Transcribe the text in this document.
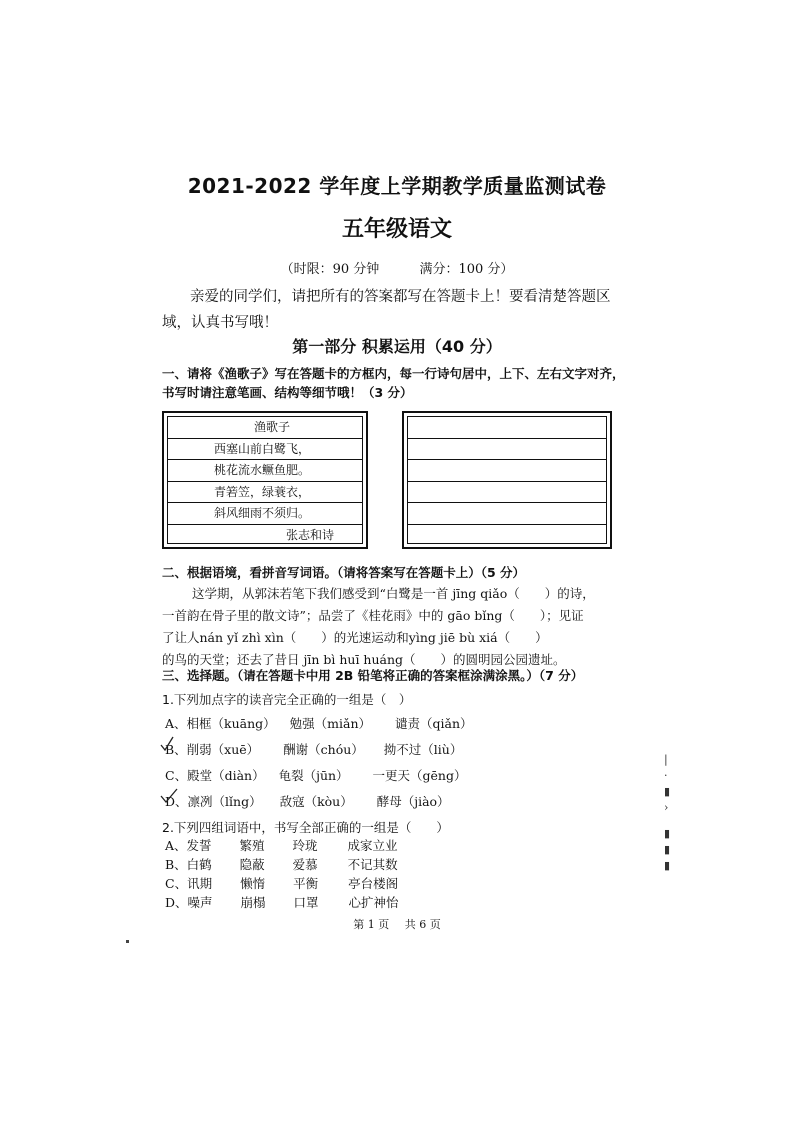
2021-2022 学年度上学期教学质量监测试卷
五年级语文
（时限：90 分钟	满分：100 分）
亲爱的同学们，请把所有的答案都写在答题卡上！要看清楚答题区域，认真书写哦！
第一部分 积累运用（40 分）
一、请将《渔歌子》写在答题卡的方框内，每一行诗句居中，上下、左右文字对齐，书写时请注意笔画、结构等细节哦！（3 分）
渔歌子
西塞山前白鹭飞，
桃花流水鳜鱼肥。
青箬笠，绿蓑衣，
斜风细雨不须归。
张志和诗
二、根据语境，看拼音写词语。（请将答案写在答题卡上）（5 分）
这学期，从郭沫若笔下我们感受到“白鹭是一首 jīng qiǎo（　　）的诗，
一首韵在骨子里的散文诗”；品尝了《桂花雨》中的 gāo bǐng（　　）；见证
了让人nán yǐ zhì xìn（　　）的光速运动和yìng jiē bù xiá（　　）
的鸟的天堂；还去了昔日 jīn bì huī huáng（　　）的圆明园公园遗址。
三、选择题。（请在答题卡中用 2B 铅笔将正确的答案框涂满涂黑。）（7 分）
1.下列加点字的读音完全正确的一组是（　）
A、相框（kuāng） 勉强（miǎn） 谴责（qiǎn）
B、削弱（xuē） 酬谢（chóu） 拗不过（liù）
C、殿堂（diàn） 龟裂（jūn） 一更天（gēng）
D、凛冽（lǐng） 敌寇（kòu） 酵母（jiào）
2.下列四组词语中，书写全部正确的一组是（　　）
A、发誓 繁殖 玲珑 成家立业
B、白鹤 隐蔽 爱慕 不记其数
C、讯期 懒惰 平衡 亭台楼阁
D、噪声 崩榻 口罩 心扩神怡
第 1 页 共 6 页
|
·
▮
›
▮
▮
▮
